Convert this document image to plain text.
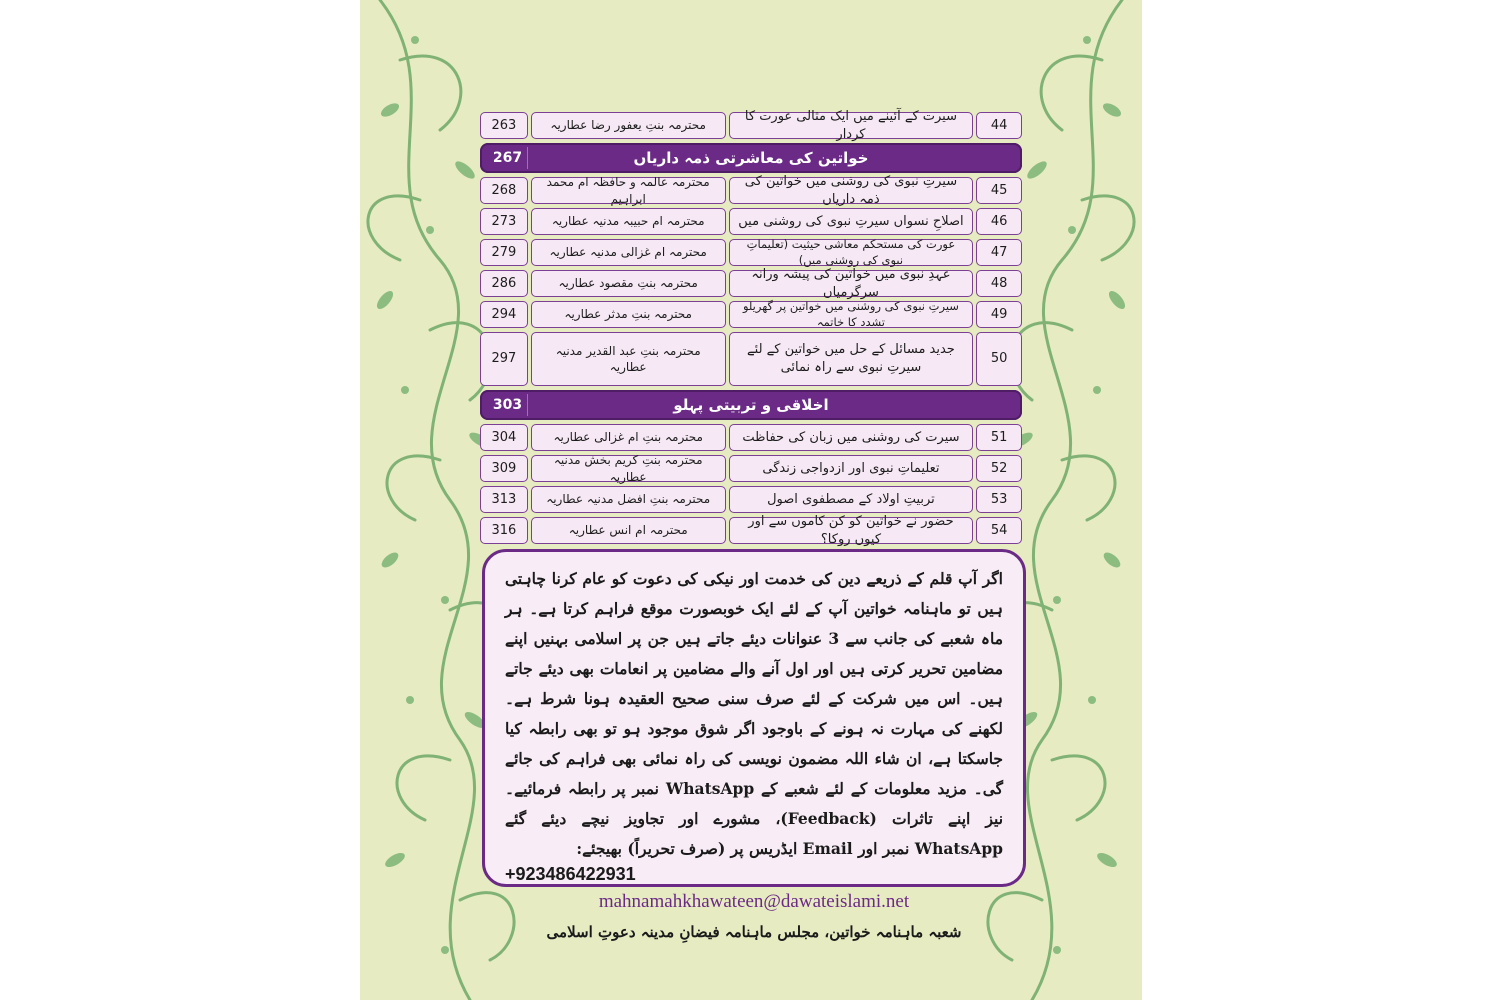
44
سیرت کے آئینے میں ایک مثالی عورت کا کردار
محترمہ بنتِ یعفور رضا عطاریہ
263
خواتین کی معاشرتی ذمہ داریاں
267
45
سیرتِ نبوی کی روشنی میں خواتین کی ذمہ داریاں
محترمہ عالمہ و حافظہ ام محمد ابراہیم
268
46
اصلاحِ نسواں سیرتِ نبوی کی روشنی میں
محترمہ ام حبیبہ مدنیہ عطاریہ
273
47
عورت کی مستحکم معاشی حیثیت (تعلیماتِ نبوی کی روشنی میں)
محترمہ ام غزالی مدنیہ عطاریہ
279
48
عہدِ نبوی میں خواتین کی پیشہ ورانہ سرگرمیاں
محترمہ بنتِ مقصود عطاریہ
286
49
سیرتِ نبوی کی روشنی میں خواتین پر گھریلو تشدد کا خاتمہ
محترمہ بنتِ مدثر عطاریہ
294
50
جدید مسائل کے حل میں خواتین کے لئے سیرتِ نبوی سے راہ نمائی
محترمہ بنتِ عبد القدیر مدنیہ عطاریہ
297
اخلاقی و تربیتی پہلو
303
51
سیرت کی روشنی میں زبان کی حفاظت
محترمہ بنتِ ام غزالی عطاریہ
304
52
تعلیماتِ نبوی اور ازدواجی زندگی
محترمہ بنتِ کریم بخش مدنیہ عطاریہ
309
53
تربیتِ اولاد کے مصطفوی اصول
محترمہ بنتِ افضل مدنیہ عطاریہ
313
54
حضور نے خواتین کو کن کاموں سے اور کیوں روکا؟
محترمہ ام انس عطاریہ
316

اگر آپ قلم کے ذریعے دین کی خدمت اور نیکی کی دعوت کو عام کرنا چاہتی ہیں تو ماہنامہ خواتین آپ کے لئے ایک خوبصورت موقع فراہم کرتا ہے۔ ہر ماہ شعبے کی جانب سے 3 عنوانات دیئے جاتے ہیں جن پر اسلامی بہنیں اپنے مضامین تحریر کرتی ہیں اور اول آنے والے مضامین پر انعامات بھی دیئے جاتے ہیں۔ اس میں شرکت کے لئے صرف سنی صحیح العقیدہ ہونا شرط ہے۔ لکھنے کی مہارت نہ ہونے کے باوجود اگر شوق موجود ہو تو بھی رابطہ کیا جاسکتا ہے، ان شاء اللہ مضمون نویسی کی راہ نمائی بھی فراہم کی جائے گی۔ مزید معلومات کے لئے شعبے کے WhatsApp نمبر پر رابطہ فرمائیے۔ نیز اپنے تاثرات (Feedback)، مشورے اور تجاویز نیچے دیئے گئے WhatsApp نمبر اور Email ایڈریس پر (صرف تحریراً) بھیجئے:

+923486422931
mahnamahkhawateen@dawateislami.net
شعبہ ماہنامہ خواتین، مجلس ماہنامہ فیضانِ مدینہ دعوتِ اسلامی
